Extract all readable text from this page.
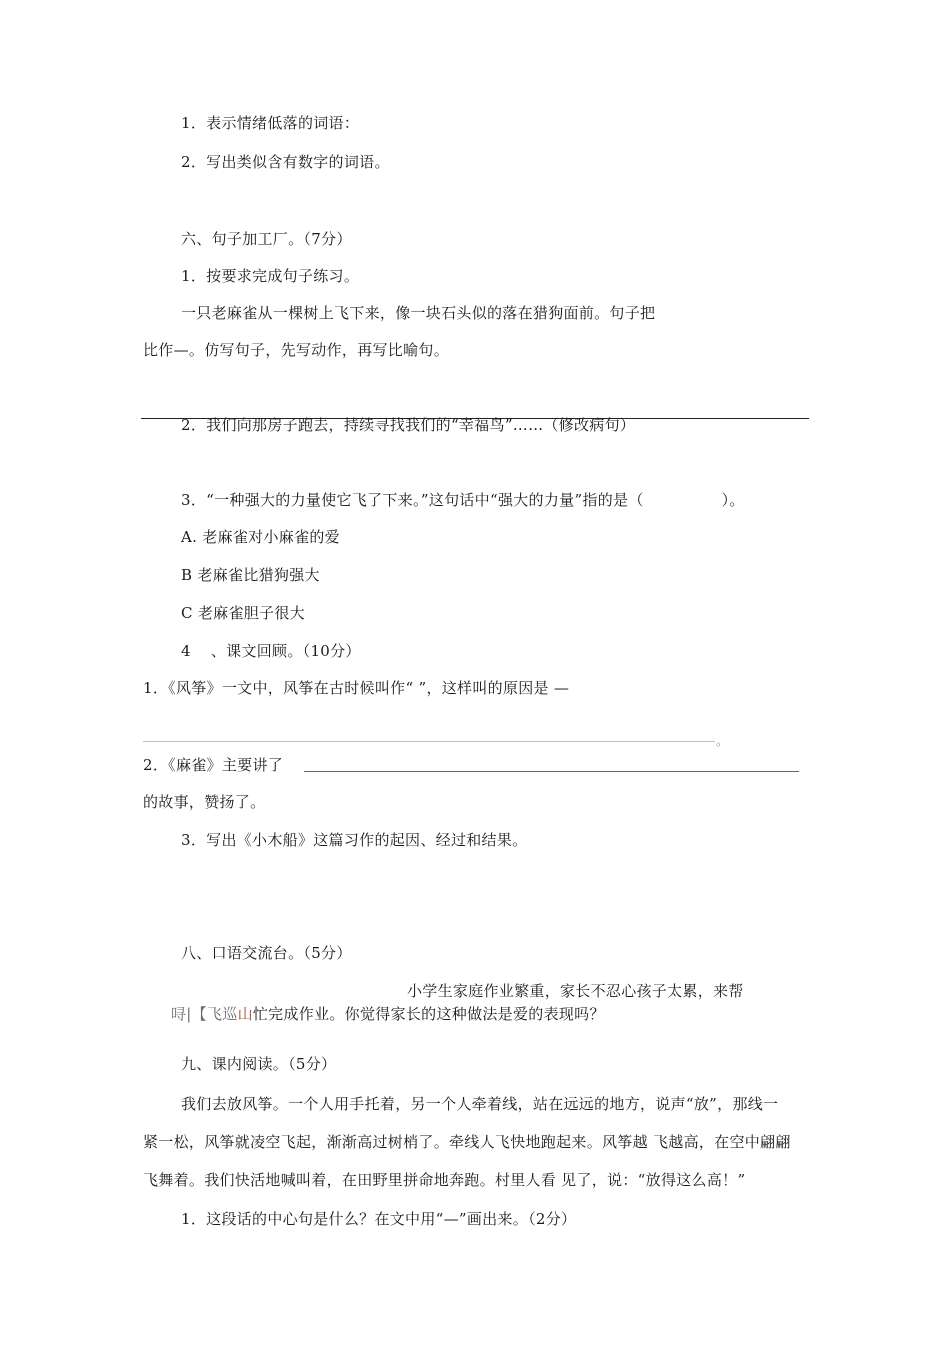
1．表示情绪低落的词语：
2．写出类似含有数字的词语。
六、句子加工厂。（7分）
1．按要求完成句子练习。
一只老麻雀从一棵树上飞下来，像一块石头似的落在猎狗面前。句子把
比作—。仿写句子，先写动作，再写比喻句。
2．我们向那房子跑去，持续寻找我们的“幸福鸟”……（修改病句）
3．“一种强大的力量使它飞了下来。”这句话中“强大的力量”指的是（	）。
A. 老麻雀对小麻雀的爱
B 老麻雀比猎狗强大
C 老麻雀胆子很大
4 、课文回顾。（10分）
1．《风筝》一文中，风筝在古时候叫作“ ”，这样叫的原因是 —
。
2．《麻雀》主要讲了
的故事，赞扬了。
3．写出《小木船》这篇习作的起因、经过和结果。
八、口语交流台。（5分）
小学生家庭作业繁重，家长不忍心孩子太累，来帮
㖊|【飞巡山忙完成作业。你觉得家长的这种做法是爱的表现吗？
九、课内阅读。（5分）
我们去放风筝。一个人用手托着，另一个人牵着线，站在远远的地方，说声“放”，那线一
紧一松，风筝就凌空飞起，渐渐高过树梢了。牵线人飞快地跑起来。风筝越 飞越高，在空中翩翩
飞舞着。我们快活地喊叫着，在田野里拼命地奔跑。村里人看 见了，说：“放得这么高！”
1．这段话的中心句是什么？在文中用“—”画出来。（2分）
